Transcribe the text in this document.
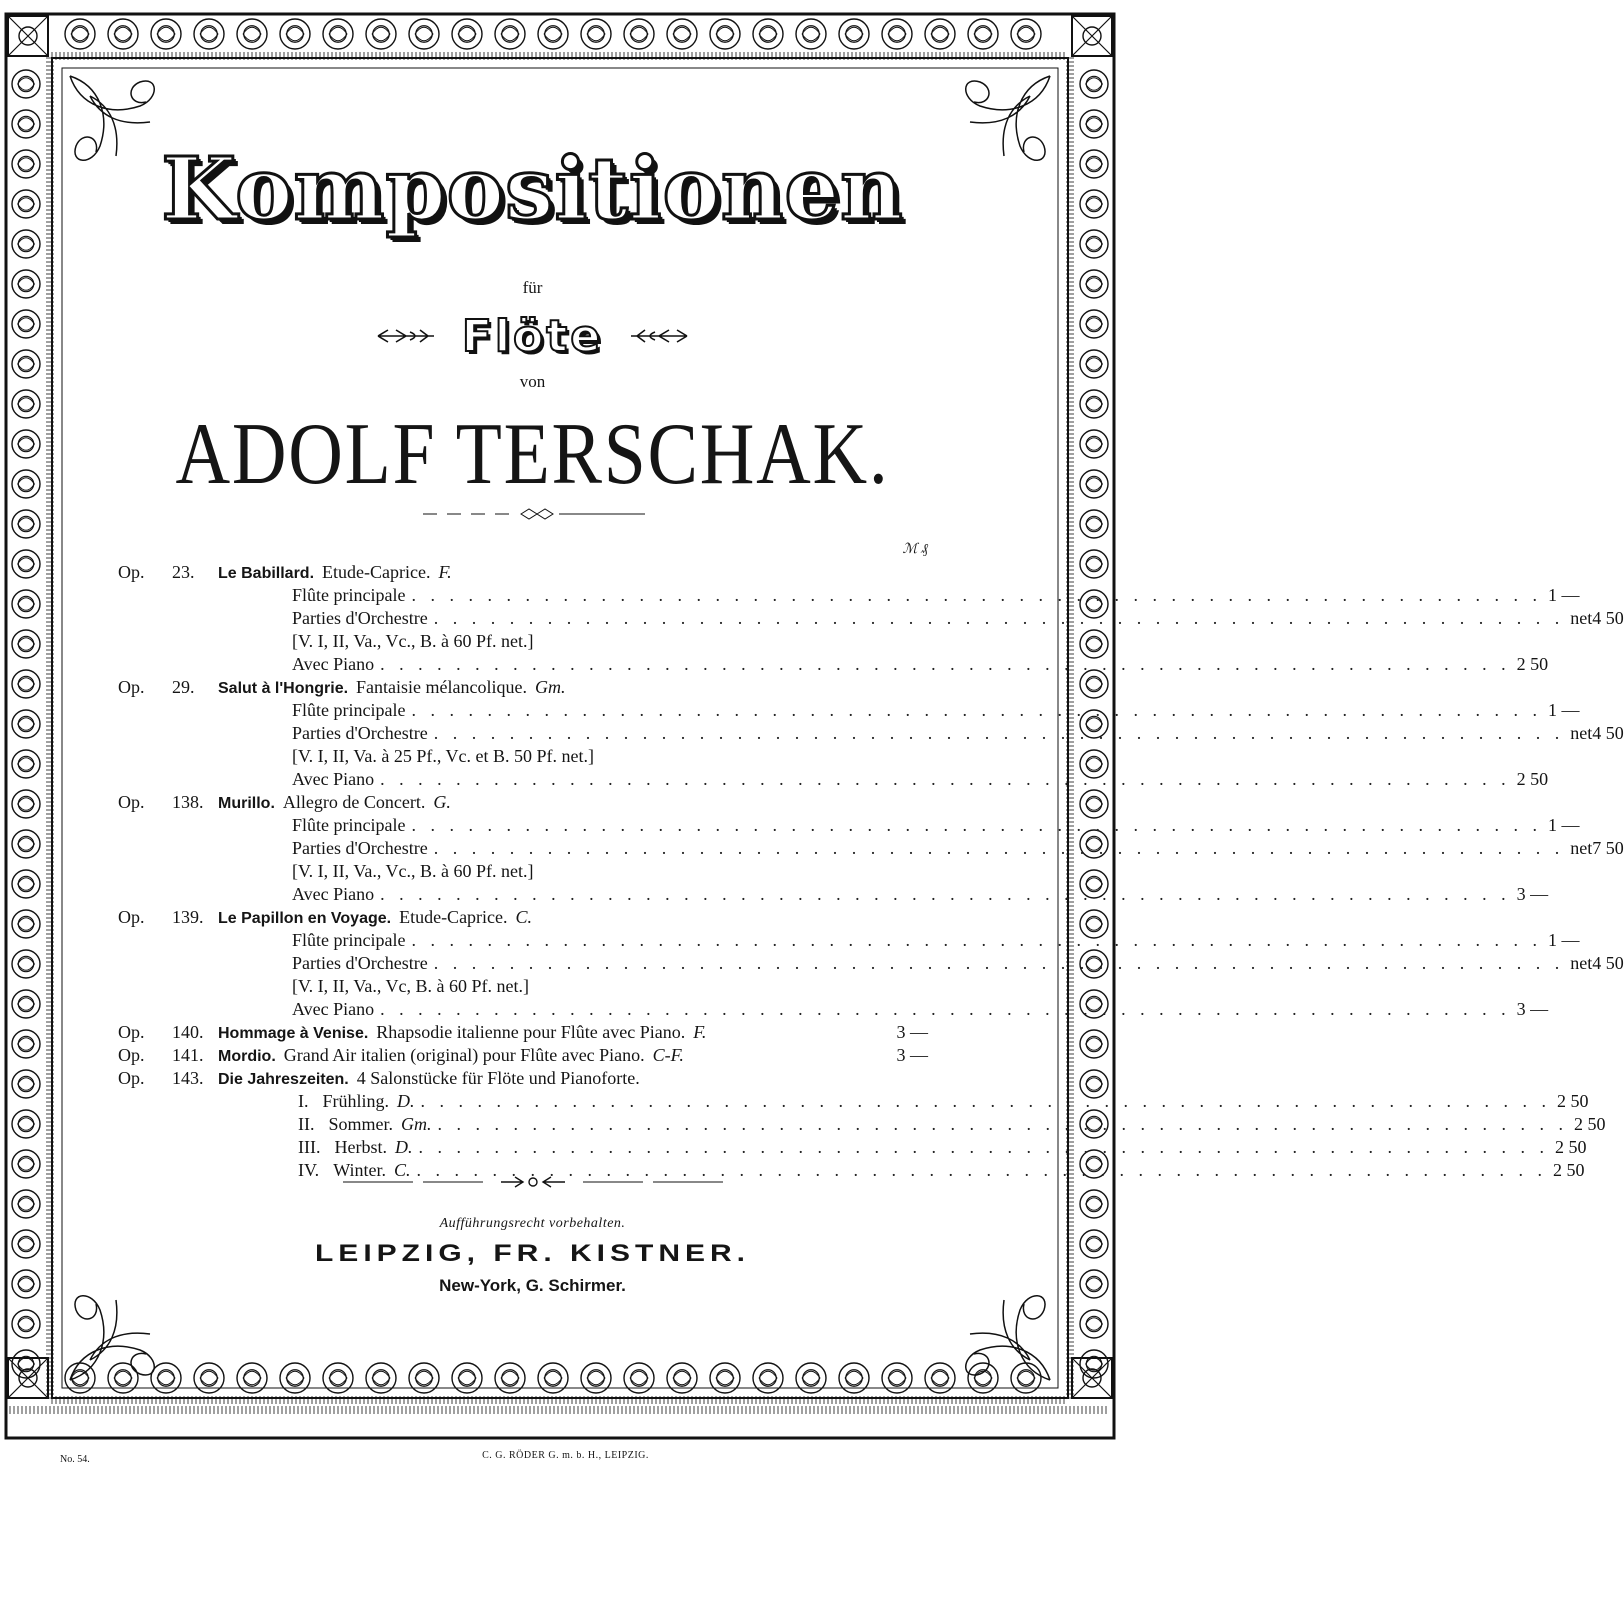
Kompositionen
für
Flöte
von
ADOLF TERSCHAK.
ℳ ₰
Op.	23. Le Babillard. Etude-Caprice. F.
Flûte principale . . . . . . . . . . . . . . . . . . . . . . . . . . . . . . . . . . . . . . . . . . . . . . . . . . . . . . . . . . . . 1 —
Parties d'Orchestre . . . . . . . . . . . . . . . . . . . . . . . . . . . . . . . . . . . . . . . . . . . . . . . . . . . . . . . . . . . . net 4 50
[V. I, II, Va., Vc., B. à 60 Pf. net.]
Avec Piano . . . . . . . . . . . . . . . . . . . . . . . . . . . . . . . . . . . . . . . . . . . . . . . . . . . . . . . . . . . . 2 50
Op.	29. Salut à l'Hongrie. Fantaisie mélancolique. Gm.
Flûte principale . . . . . . . . . . . . . . . . . . . . . . . . . . . . . . . . . . . . . . . . . . . . . . . . . . . . . . . . . . . . 1 —
Parties d'Orchestre . . . . . . . . . . . . . . . . . . . . . . . . . . . . . . . . . . . . . . . . . . . . . . . . . . . . . . . . . . . . net 4 50
[V. I, II, Va. à 25 Pf., Vc. et B. 50 Pf. net.]
Avec Piano . . . . . . . . . . . . . . . . . . . . . . . . . . . . . . . . . . . . . . . . . . . . . . . . . . . . . . . . . . . . 2 50
Op.	138. Murillo. Allegro de Concert. G.
Flûte principale . . . . . . . . . . . . . . . . . . . . . . . . . . . . . . . . . . . . . . . . . . . . . . . . . . . . . . . . . . . . 1 —
Parties d'Orchestre . . . . . . . . . . . . . . . . . . . . . . . . . . . . . . . . . . . . . . . . . . . . . . . . . . . . . . . . . . . . net 7 50
[V. I, II, Va., Vc., B. à 60 Pf. net.]
Avec Piano . . . . . . . . . . . . . . . . . . . . . . . . . . . . . . . . . . . . . . . . . . . . . . . . . . . . . . . . . . . . 3 —
Op.	139. Le Papillon en Voyage. Etude-Caprice. C.
Flûte principale . . . . . . . . . . . . . . . . . . . . . . . . . . . . . . . . . . . . . . . . . . . . . . . . . . . . . . . . . . . . 1 —
Parties d'Orchestre . . . . . . . . . . . . . . . . . . . . . . . . . . . . . . . . . . . . . . . . . . . . . . . . . . . . . . . . . . . . net 4 50
[V. I, II, Va., Vc, B. à 60 Pf. net.]
Avec Piano . . . . . . . . . . . . . . . . . . . . . . . . . . . . . . . . . . . . . . . . . . . . . . . . . . . . . . . . . . . . 3 —
Op.	140. Hommage à Venise. Rhapsodie italienne pour Flûte avec Piano. F.	3 —
Op.	141. Mordio. Grand Air italien (original) pour Flûte avec Piano. C-F.	3 —
Op.	143. Die Jahreszeiten. 4 Salonstücke für Flöte und Pianoforte.
I. Frühling. D. . . . . . . . . . . . . . . . . . . . . . . . . . . . . . . . . . . . . . . . . . . . . . . . . . . . . . . . . . . . . 2 50
II. Sommer. Gm. . . . . . . . . . . . . . . . . . . . . . . . . . . . . . . . . . . . . . . . . . . . . . . . . . . . . . . . . . . . . 2 50
III. Herbst. D. . . . . . . . . . . . . . . . . . . . . . . . . . . . . . . . . . . . . . . . . . . . . . . . . . . . . . . . . . . . . 2 50
IV. Winter. C. . . . . . . . . . . . . . . . . . . . . . . . . . . . . . . . . . . . . . . . . . . . . . . . . . . . . . . . . . . . . 2 50
Aufführungsrecht vorbehalten.
LEIPZIG, FR. KISTNER.
New-York, G. Schirmer.
No. 54.	C. G. RÖDER G. m. b. H., LEIPZIG.
